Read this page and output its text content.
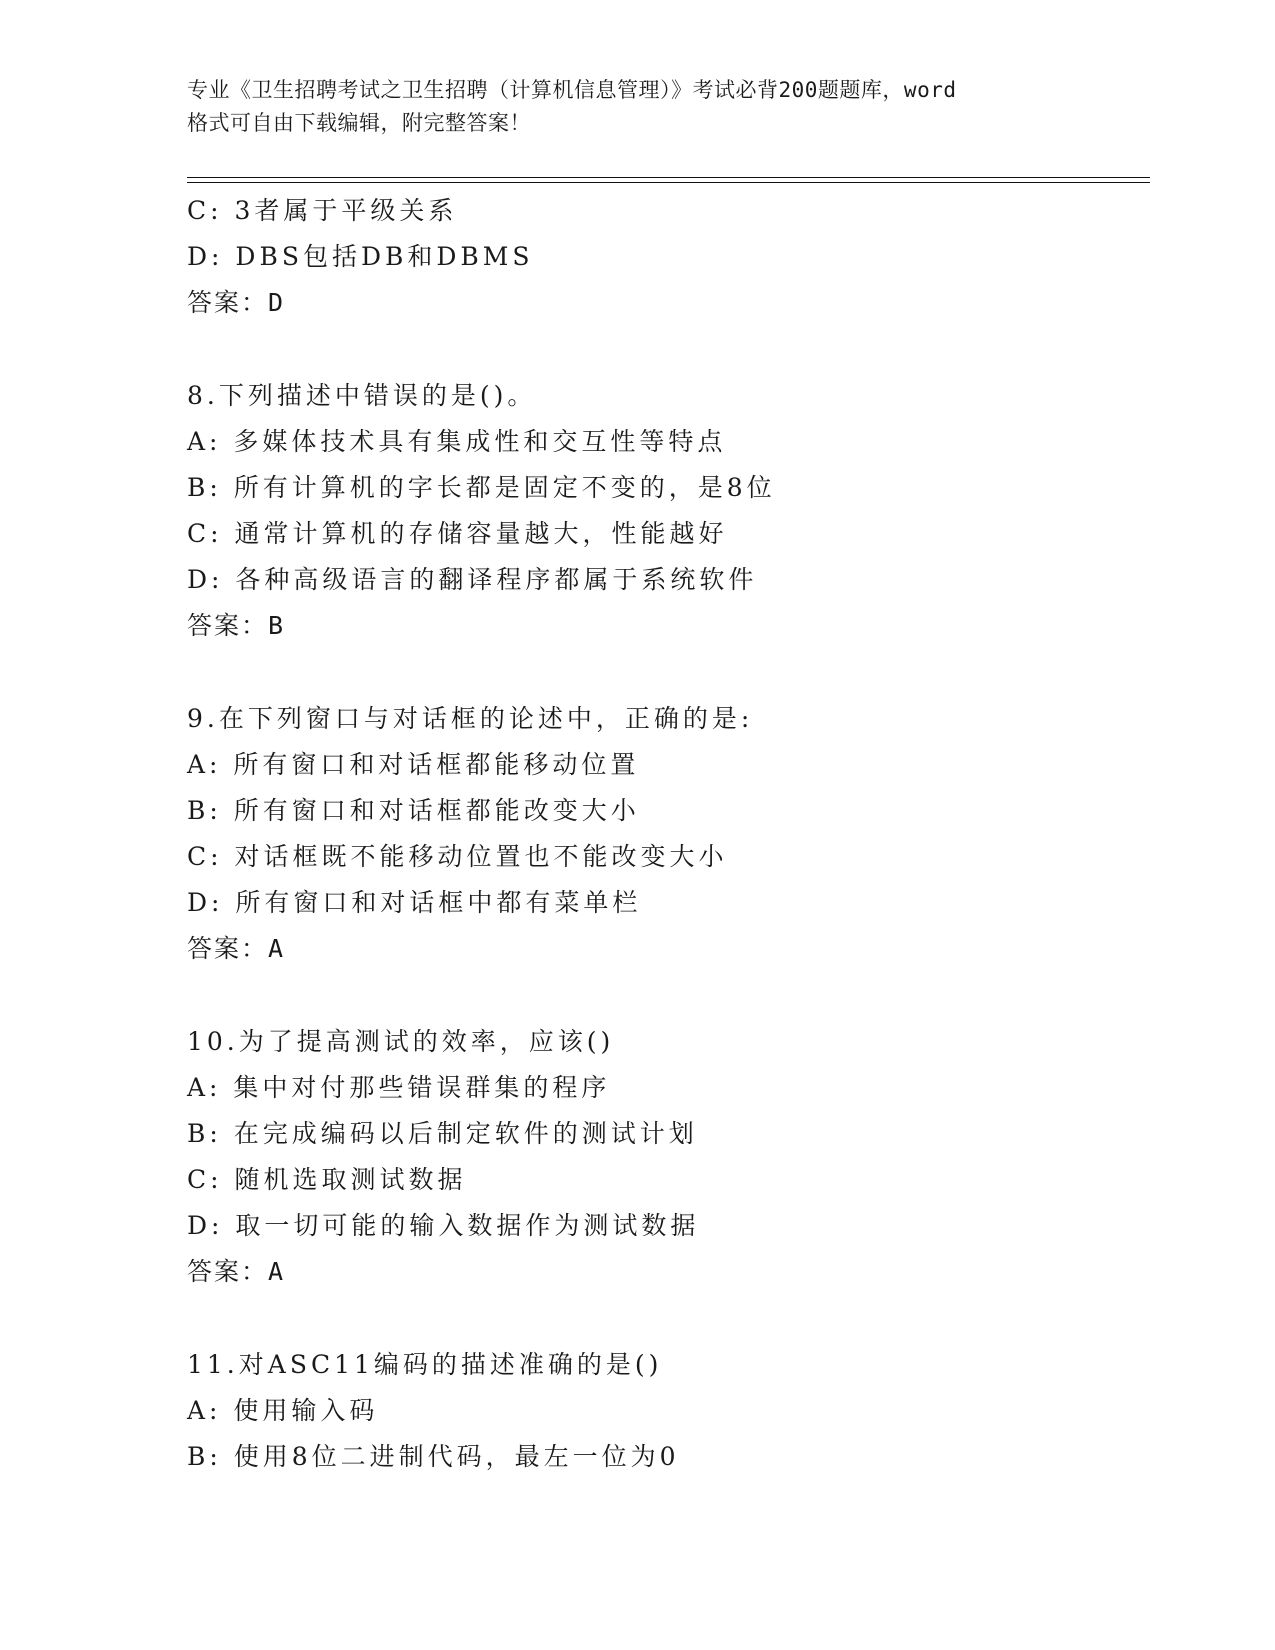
专业《卫生招聘考试之卫生招聘（计算机信息管理）》考试必背200题题库，word
格式可自由下载编辑，附完整答案！
C: 3者属于平级关系
D: DBS包括DB和DBMS
答案：D
8.下列描述中错误的是()。
A: 多媒体技术具有集成性和交互性等特点
B: 所有计算机的字长都是固定不变的，是8位
C: 通常计算机的存储容量越大，性能越好
D: 各种高级语言的翻译程序都属于系统软件
答案：B
9.在下列窗口与对话框的论述中，正确的是:
A: 所有窗口和对话框都能移动位置
B: 所有窗口和对话框都能改变大小
C: 对话框既不能移动位置也不能改变大小
D: 所有窗口和对话框中都有菜单栏
答案：A
10.为了提高测试的效率，应该()
A: 集中对付那些错误群集的程序
B: 在完成编码以后制定软件的测试计划
C: 随机选取测试数据
D: 取一切可能的输入数据作为测试数据
答案：A
11.对ASC11编码的描述准确的是()
A: 使用输入码
B: 使用8位二进制代码，最左一位为0
